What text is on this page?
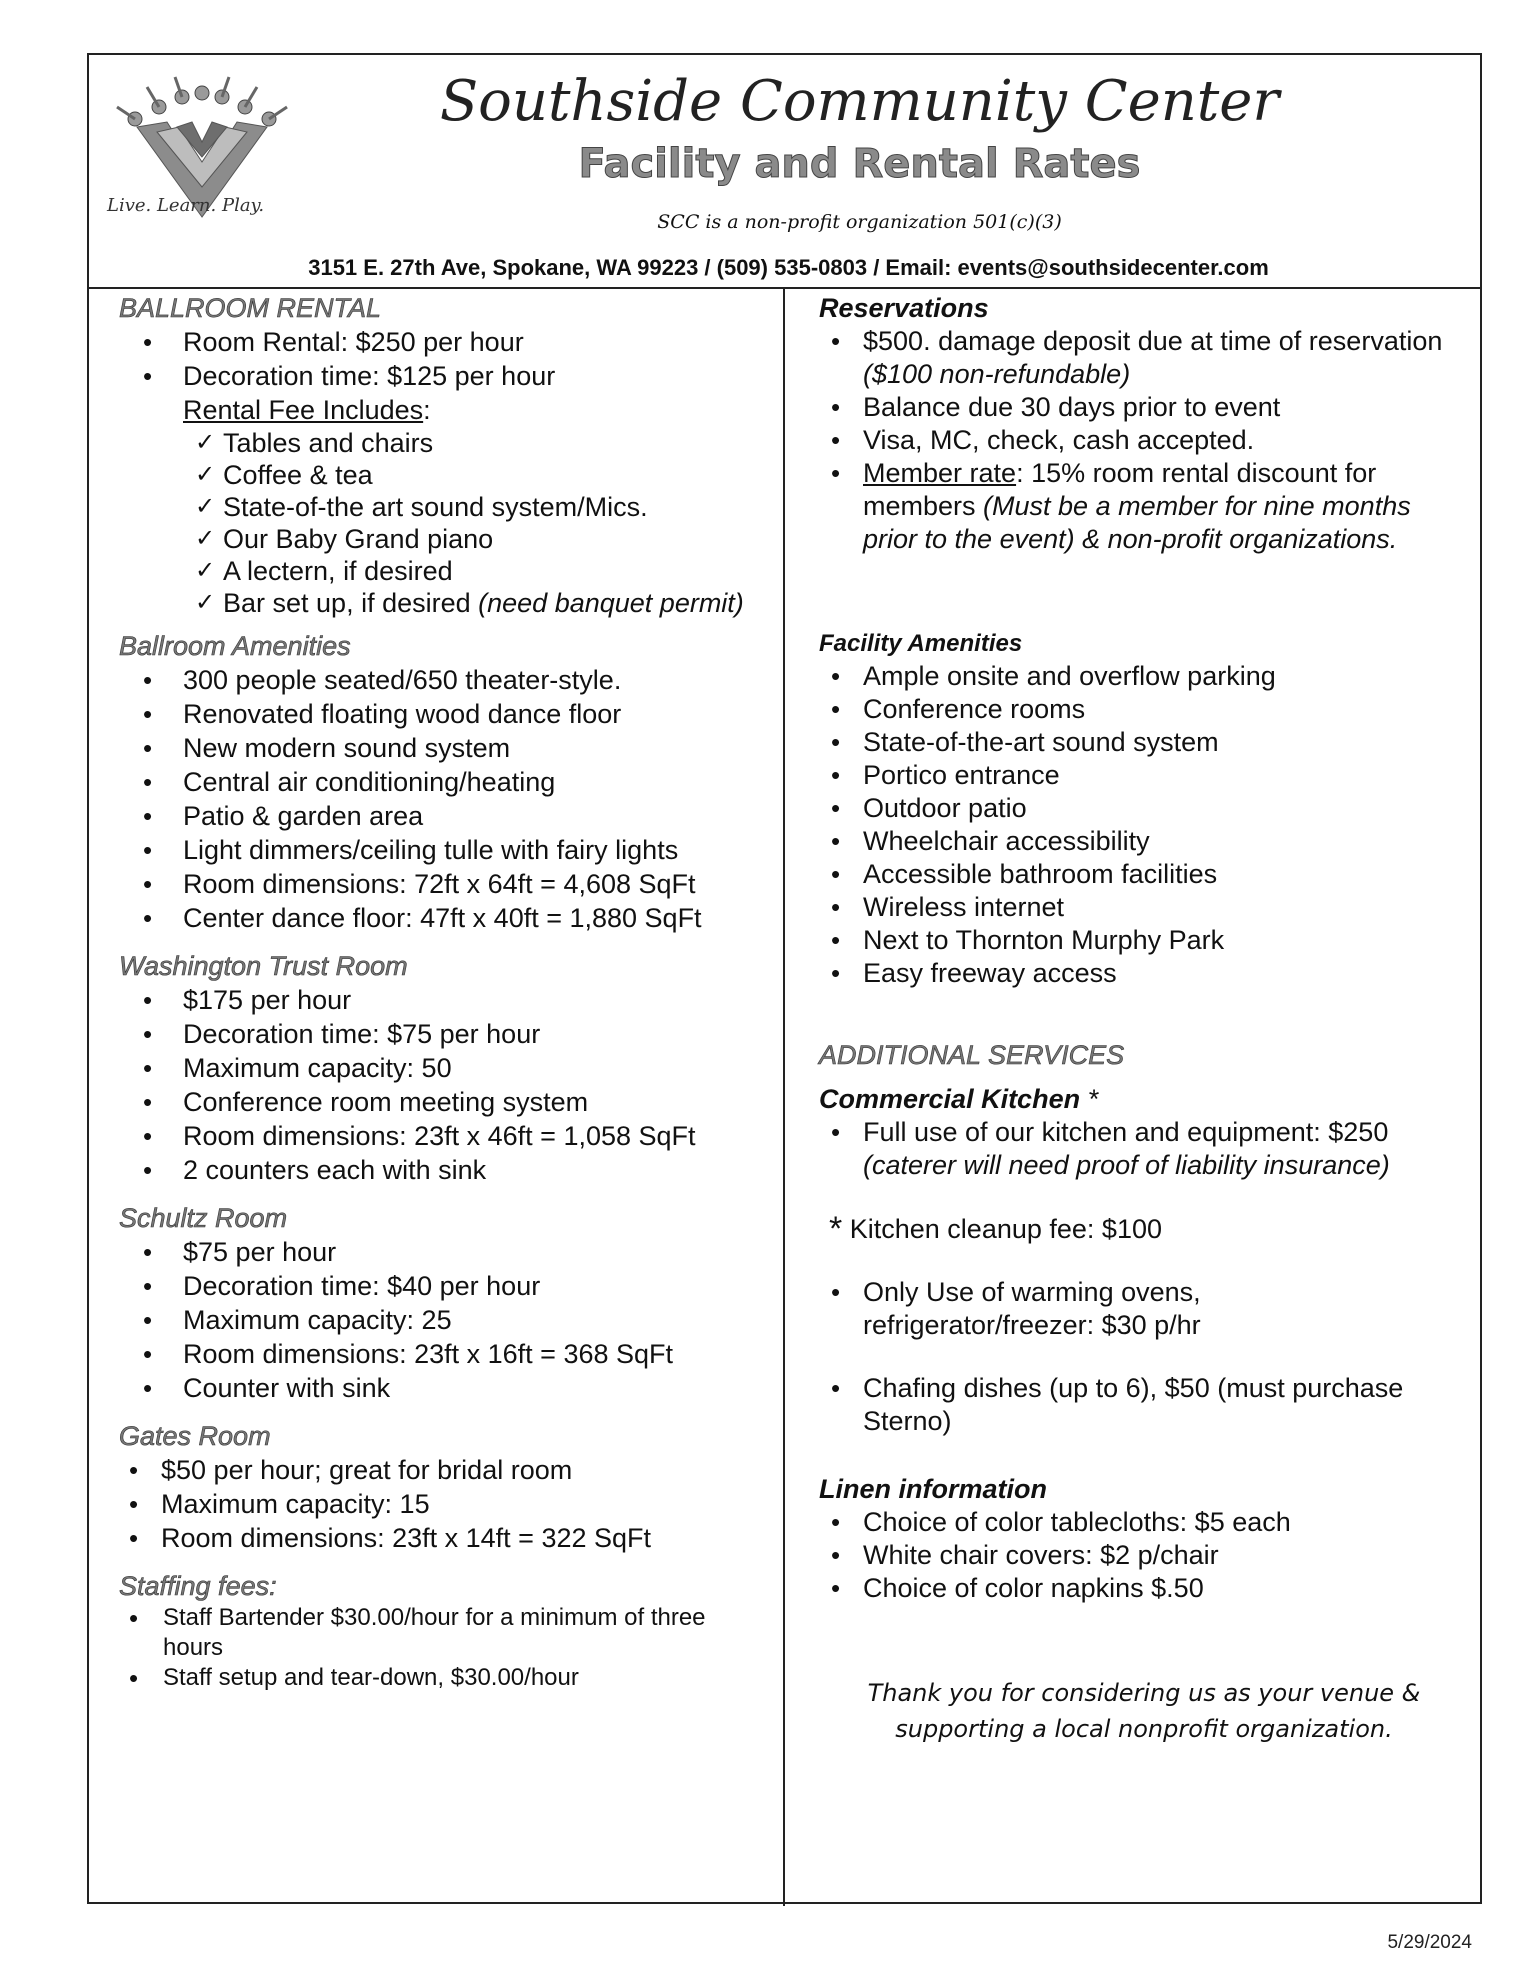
Live. Learn. Play.
Southside Community Center
Facility and Rental Rates
SCC is a non-profit organization 501(c)(3)
3151 E. 27th Ave, Spokane, WA 99223 / (509) 535-0803 / Email: events@southsidecenter.com

BALLROOM RENTAL

• Room Rental: $250 per hour
• Decoration time: $125 per hour
Rental Fee Includes:
✓ Tables and chairs
✓ Coffee & tea
✓ State-of-the art sound system/Mics.
✓ Our Baby Grand piano
✓ A lectern, if desired
✓ Bar set up, if desired (need banquet permit)

Ballroom Amenities

• 300 people seated/650 theater-style.
• Renovated floating wood dance floor
• New modern sound system
• Central air conditioning/heating
• Patio & garden area
• Light dimmers/ceiling tulle with fairy lights
• Room dimensions: 72ft x 64ft = 4,608 SqFt
• Center dance floor: 47ft x 40ft = 1,880 SqFt

Washington Trust Room

• $175 per hour
• Decoration time: $75 per hour
• Maximum capacity: 50
• Conference room meeting system
• Room dimensions: 23ft x 46ft = 1,058 SqFt
• 2 counters each with sink

Schultz Room

• $75 per hour
• Decoration time: $40 per hour
• Maximum capacity: 25
• Room dimensions: 23ft x 16ft = 368 SqFt
• Counter with sink

Gates Room

• $50 per hour; great for bridal room
• Maximum capacity: 15
• Room dimensions: 23ft x 14ft = 322 SqFt

Staffing fees:

• Staff Bartender $30.00/hour for a minimum of three hours
• Staff setup and tear-down, $30.00/hour

Reservations

• $500. damage deposit due at time of reservation ($100 non-refundable)
• Balance due 30 days prior to event
• Visa, MC, check, cash accepted.
• Member rate: 15% room rental discount for members (Must be a member for nine months prior to the event) & non-profit organizations.

Facility Amenities

• Ample onsite and overflow parking
• Conference rooms
• State-of-the-art sound system
• Portico entrance
• Outdoor patio
• Wheelchair accessibility
• Accessible bathroom facilities
• Wireless internet
• Next to Thornton Murphy Park
• Easy freeway access

ADDITIONAL SERVICES

Commercial Kitchen *

• Full use of our kitchen and equipment: $250
(caterer will need proof of liability insurance)
* Kitchen cleanup fee: $100
• Only Use of warming ovens, refrigerator/freezer: $30 p/hr
• Chafing dishes (up to 6), $50 (must purchase Sterno)

Linen information

• Choice of color tablecloths: $5 each
• White chair covers: $2 p/chair
• Choice of color napkins $.50
Thank you for considering us as your venue &
supporting a local nonprofit organization.
5/29/2024
